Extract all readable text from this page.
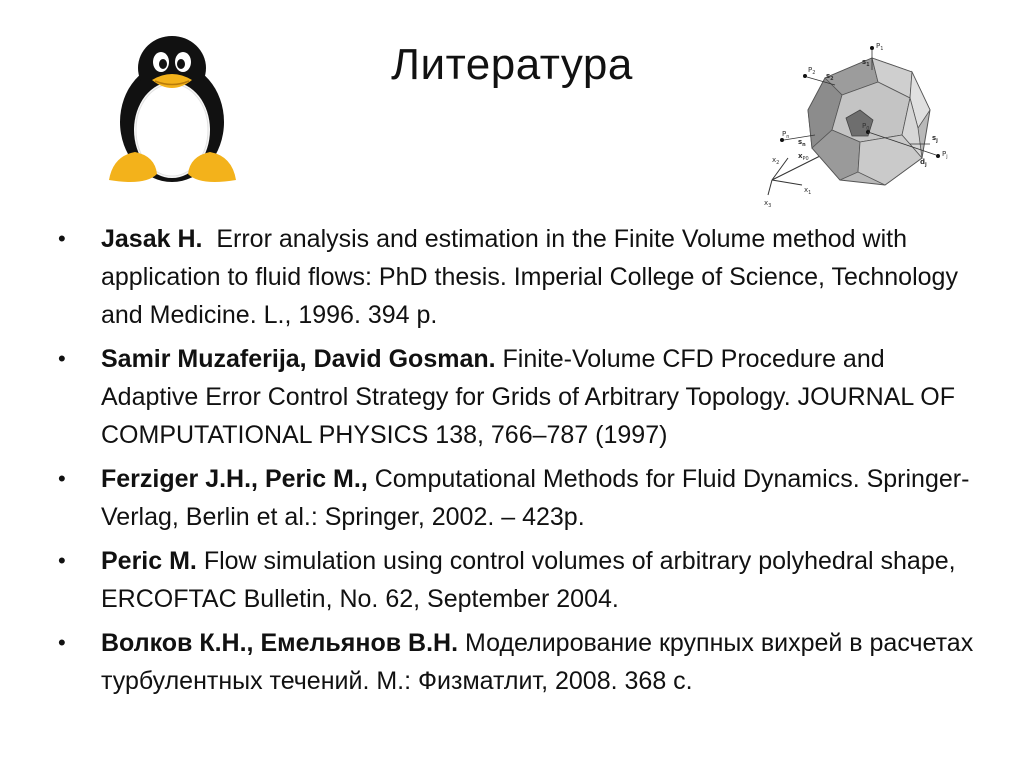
Литература
$x_2$
$x_1$
$x_3$
$x_{P0}$
$P_1$
$s_1$
$P_2$ $s_2$
$P_n$
$s_n$
$P_0$
$s_j$
$d_j$
$P_j$
•	Jasak H.  Error analysis and estimation in the Finite Volume method with application to fluid flows: PhD thesis. Imperial College of Science, Technology and Medicine. L., 1996. 394 p.
•	Samir Muzaferija, David Gosman. Finite-Volume CFD Procedure and Adaptive Error Control Strategy for Grids of Arbitrary Topology. JOURNAL OF COMPUTATIONAL PHYSICS 138, 766–787 (1997)
•	Ferziger J.H., Peric M., Computational Methods for Fluid Dynamics. Springer-Verlag, Berlin et al.: Springer, 2002. – 423p.
•	Peric M. Flow simulation using control volumes of arbitrary polyhedral shape, ERCOFTAC Bulletin, No. 62, September 2004.
•	Волков К.Н., Емельянов В.Н. Моделирование крупных вихрей в расчетах турбулентных течений. М.: Физматлит, 2008. 368 с.
